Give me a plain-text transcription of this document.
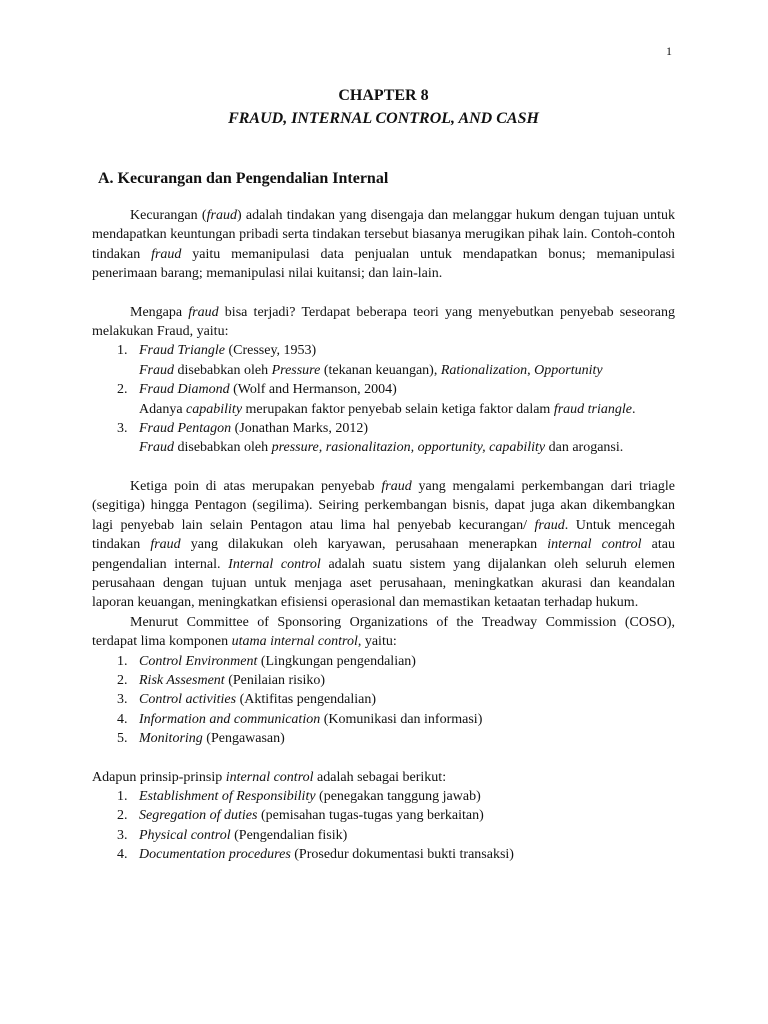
1
CHAPTER 8
FRAUD, INTERNAL CONTROL, AND CASH
A. Kecurangan dan Pengendalian Internal

Kecurangan (fraud) adalah tindakan yang disengaja dan melanggar hukum dengan tujuan untuk mendapatkan keuntungan pribadi serta tindakan tersebut biasanya merugikan pihak lain. Contoh-contoh tindakan fraud yaitu memanipulasi data penjualan untuk mendapatkan bonus; memanipulasi penerimaan barang; memanipulasi nilai kuitansi; dan lain-lain.

Mengapa fraud bisa terjadi? Terdapat beberapa teori yang menyebutkan penyebab seseorang melakukan Fraud, yaitu:

1. Fraud Triangle (Cressey, 1953)
Fraud disebabkan oleh Pressure (tekanan keuangan), Rationalization, Opportunity
2. Fraud Diamond (Wolf and Hermanson, 2004)
Adanya capability merupakan faktor penyebab selain ketiga faktor dalam fraud triangle.
3. Fraud Pentagon (Jonathan Marks, 2012)
Fraud disebabkan oleh pressure, rasionalitazion, opportunity, capability dan arogansi.

Ketiga poin di atas merupakan penyebab fraud yang mengalami perkembangan dari triagle (segitiga) hingga Pentagon (segilima). Seiring perkembangan bisnis, dapat juga akan dikembangkan lagi penyebab lain selain Pentagon atau lima hal penyebab kecurangan/ fraud. Untuk mencegah tindakan fraud yang dilakukan oleh karyawan, perusahaan menerapkan internal control atau pengendalian internal. Internal control adalah suatu sistem yang dijalankan oleh seluruh elemen perusahaan dengan tujuan untuk menjaga aset perusahaan, meningkatkan akurasi dan keandalan laporan keuangan, meningkatkan efisiensi operasional dan memastikan ketaatan terhadap hukum.

Menurut Committee of Sponsoring Organizations of the Treadway Commission (COSO), terdapat lima komponen utama internal control, yaitu:

1. Control Environment (Lingkungan pengendalian)
2. Risk Assesment (Penilaian risiko)
3. Control activities (Aktifitas pengendalian)
4. Information and communication (Komunikasi dan informasi)
5. Monitoring (Pengawasan)

Adapun prinsip-prinsip internal control adalah sebagai berikut:

1. Establishment of Responsibility (penegakan tanggung jawab)
2. Segregation of duties (pemisahan tugas-tugas yang berkaitan)
3. Physical control (Pengendalian fisik)
4. Documentation procedures (Prosedur dokumentasi bukti transaksi)
